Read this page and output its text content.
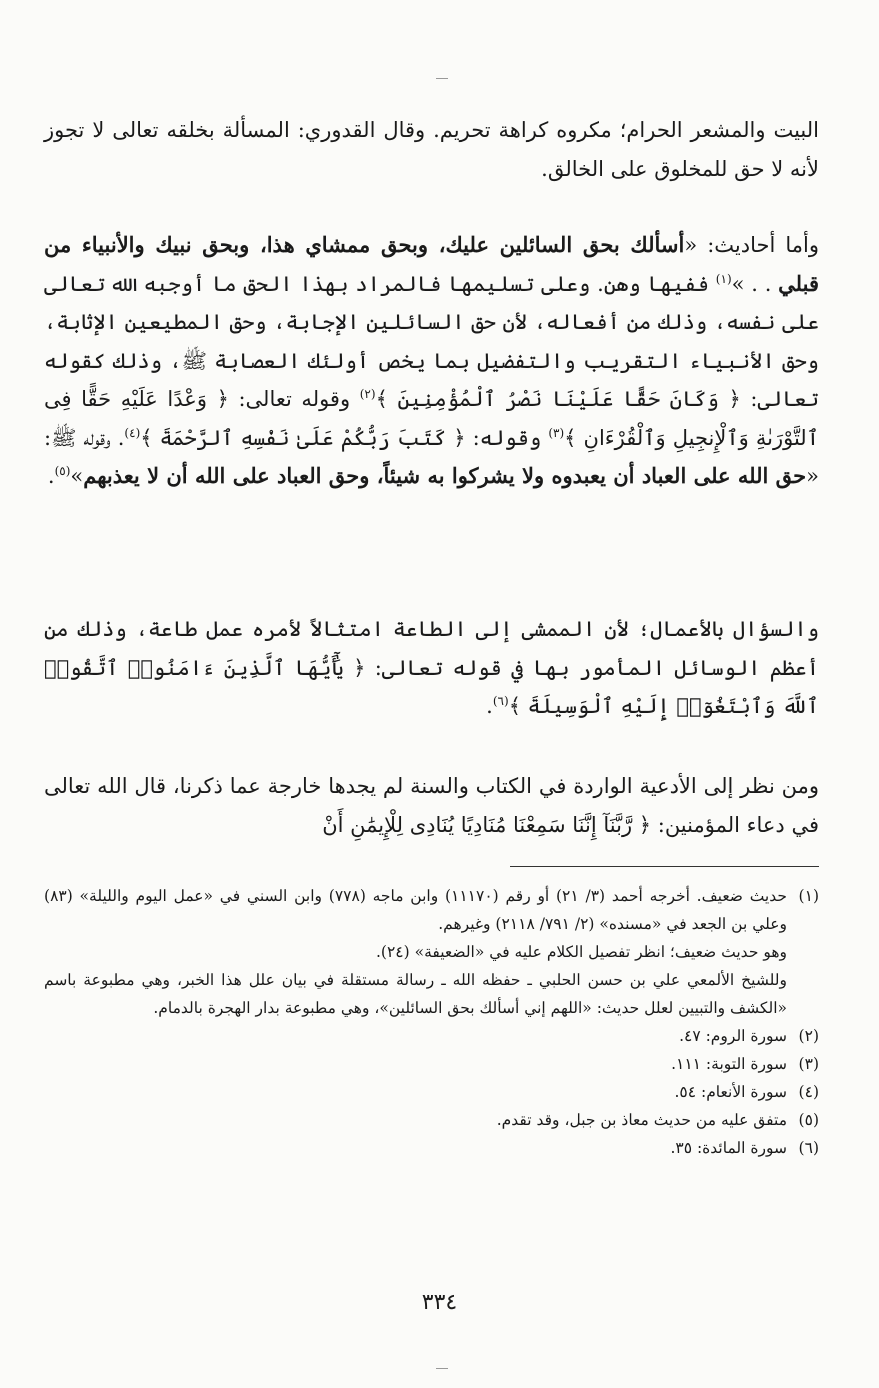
البيت والمشعر الحرام؛ مكروه كراهة تحريم. وقال القدوري: المسألة بخلقه تعالى لا تجوز لأنه لا حق للمخلوق على الخالق.
وأما أحاديث: «أسألك بحق السائلين عليك، وبحق ممشاي هذا، وبحق نبيك والأنبياء من قبلي . . »$^{(١)}$ ففيها وهن. وعلى تسليمها فالمراد بهذا الحق ما أوجبه الله تعالى على نفسه، وذلك من أفعاله، لأن حق السائلين الإجابة، وحق المطيعين الإثابة، وحق الأنبياء التقريب والتفضيل بما يخص أولئك العصابة ﷺ، وذلك كقوله تعالى: ﴿ وَكَانَ حَقًّا عَلَيْنَا نَصْرُ ٱلْمُؤْمِنِينَ ﴾$^{(٢)}$ وقوله تعالى: ﴿ وَعْدًا عَلَيْهِ حَقًّا فِى ٱلتَّوْرَىٰةِ وَٱلْإِنجِيلِ وَٱلْقُرْءَانِ ﴾$^{(٣)}$ وقوله: ﴿ كَتَبَ رَبُّكُمْ عَلَىٰ نَفْسِهِ ٱلرَّحْمَةَ ﴾$^{(٤)}$. وقوله ﷺ: «حق الله على العباد أن يعبدوه ولا يشركوا به شيئاً، وحق العباد على الله أن لا يعذبهم»$^{(٥)}$.
والسؤال بالأعمال؛ لأن الممشى إلى الطاعة امتثالاً لأمره عمل طاعة، وذلك من أعظم الوسائل المأمور بها في قوله تعالى: ﴿ يَٰٓأَيُّهَا ٱلَّذِينَ ءَامَنُوا۟ ٱتَّقُوا۟ ٱللَّهَ وَٱبْتَغُوٓا۟ إِلَيْهِ ٱلْوَسِيلَةَ ﴾$^{(٦)}$.
ومن نظر إلى الأدعية الواردة في الكتاب والسنة لم يجدها خارجة عما ذكرنا، قال الله تعالى في دعاء المؤمنين: ﴿ رَّبَّنَآ إِنَّنَا سَمِعْنَا مُنَادِيًا يُنَادِى لِلْإِيمَٰنِ أَنْ
(١)
حديث ضعيف. أخرجه أحمد (٣/ ٢١) أو رقم (١١١٧٠) وابن ماجه (٧٧٨) وابن السني في «عمل اليوم والليلة» (٨٣) وعلي بن الجعد في «مسنده» (٢/ ٧٩١/ ٢١١٨) وغيرهم.
وهو حديث ضعيف؛ انظر تفصيل الكلام عليه في «الضعيفة» (٢٤).
وللشيخ الألمعي علي بن حسن الحلبي ـ حفظه الله ـ رسالة مستقلة في بيان علل هذا الخبر، وهي مطبوعة باسم «الكشف والتبيين لعلل حديث: «اللهم إني أسألك بحق السائلين»، وهي مطبوعة بدار الهجرة بالدمام.
(٢)
سورة الروم: ٤٧.
(٣)
سورة التوبة: ١١١.
(٤)
سورة الأنعام: ٥٤.
(٥)
متفق عليه من حديث معاذ بن جبل، وقد تقدم.
(٦)
سورة المائدة: ٣٥.
٣٣٤
